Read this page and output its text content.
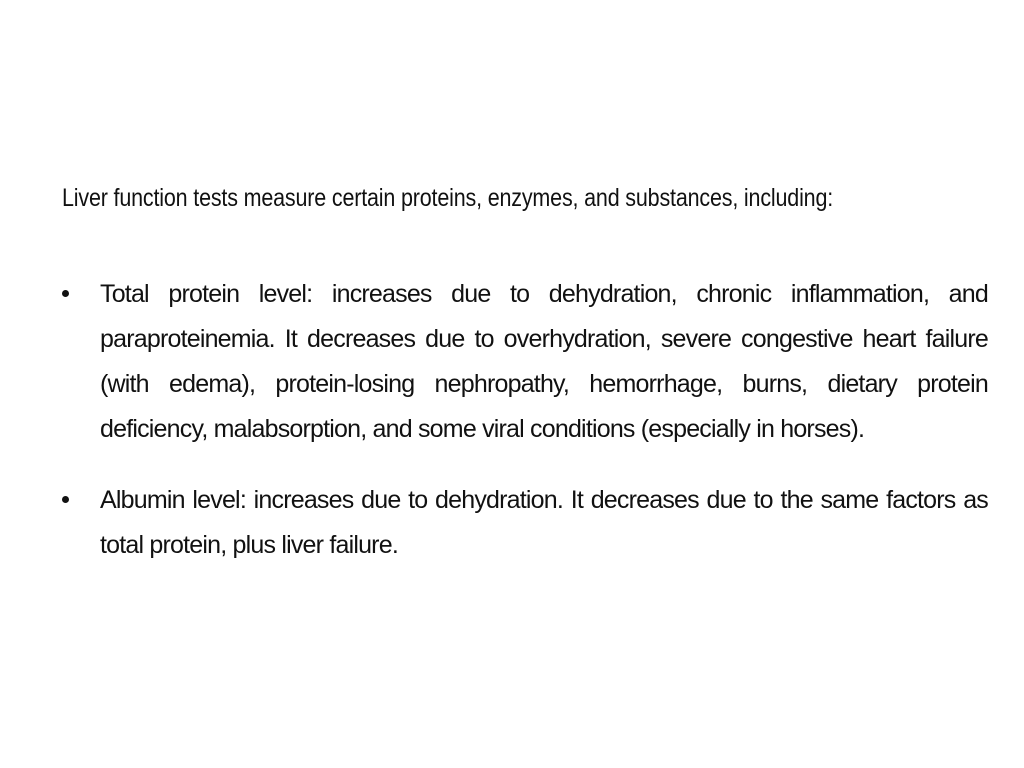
Liver function tests measure certain proteins, enzymes, and substances, including:
Total protein level: increases due to dehydration, chronic inflammation, and paraproteinemia. It decreases due to overhydration, severe congestive heart failure (with edema), protein-losing nephropathy, hemorrhage, burns, dietary protein deficiency, malabsorption, and some viral conditions (especially in horses).
Albumin level: increases due to dehydration. It decreases due to the same factors as total protein, plus liver failure.
